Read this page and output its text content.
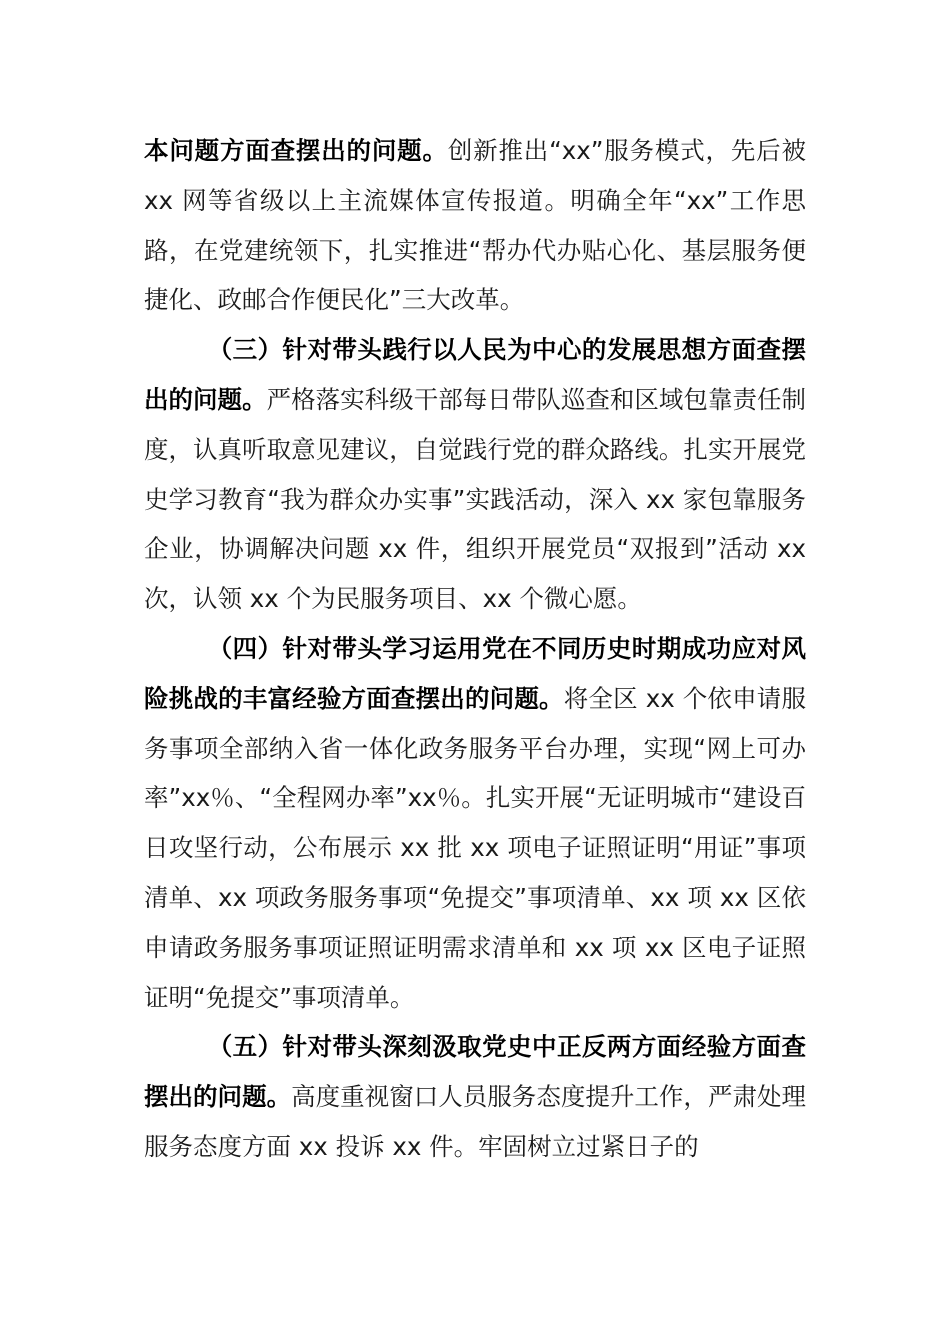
本问题方面查摆出的问题。创新推出“xx”服务模式，先后被 xx 网等省级以上主流媒体宣传报道。明确全年“xx”工作思路，在党建统领下，扎实推进“帮办代办贴心化、基层服务便捷化、政邮合作便民化”三大改革。

（三）针对带头践行以人民为中心的发展思想方面查摆出的问题。严格落实科级干部每日带队巡查和区域包靠责任制度，认真听取意见建议，自觉践行党的群众路线。扎实开展党史学习教育“我为群众办实事”实践活动，深入 xx 家包靠服务企业，协调解决问题 xx 件，组织开展党员“双报到”活动 xx 次，认领 xx 个为民服务项目、xx 个微心愿。

（四）针对带头学习运用党在不同历史时期成功应对风险挑战的丰富经验方面查摆出的问题。将全区 xx 个依申请服务事项全部纳入省一体化政务服务平台办理，实现“网上可办率”xx％、“全程网办率”xx％。扎实开展“无证明城市“建设百日攻坚行动，公布展示 xx 批 xx 项电子证照证明“用证”事项清单、xx 项政务服务事项“免提交”事项清单、xx 项 xx 区依申请政务服务事项证照证明需求清单和 xx 项 xx 区电子证照证明“免提交”事项清单。

（五）针对带头深刻汲取党史中正反两方面经验方面查摆出的问题。高度重视窗口人员服务态度提升工作，严肃处理服务态度方面 xx 投诉 xx 件。牢固树立过紧日子的
